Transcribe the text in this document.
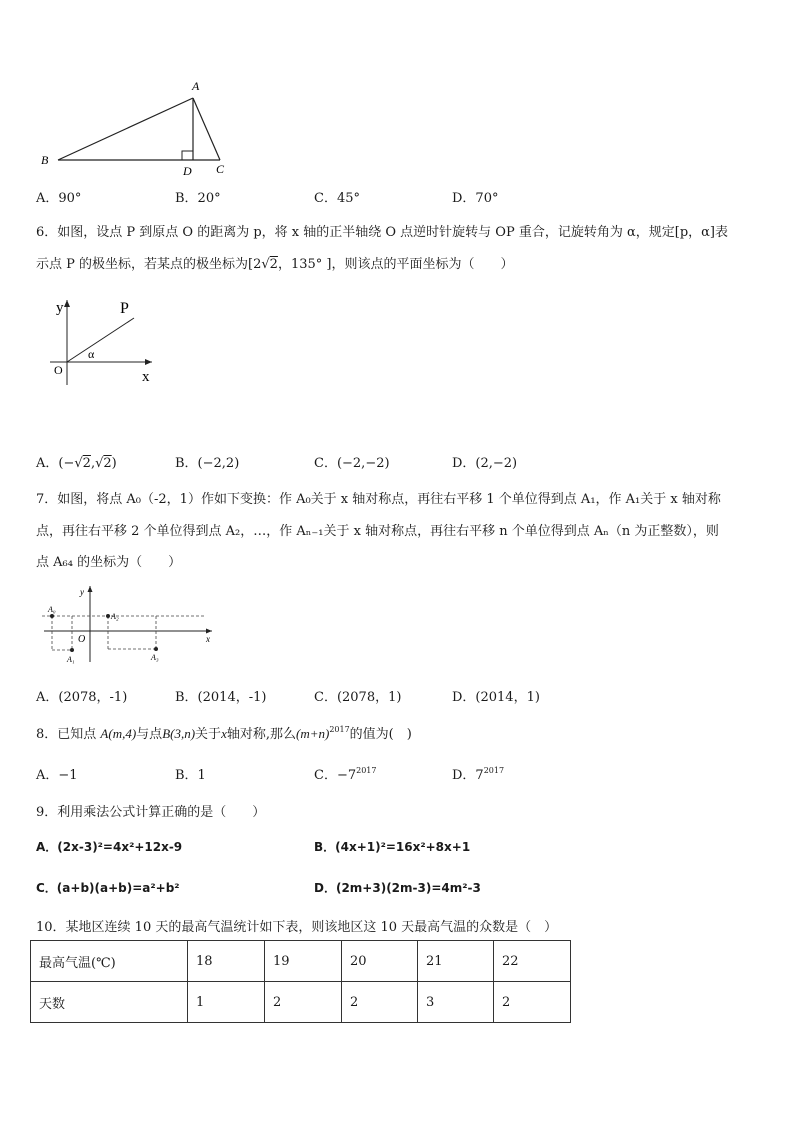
A
B
C
D
A．90°	B．20°	C．45°	D．70°
6．如图，设点 P 到原点 O 的距离为 p，将 x 轴的正半轴绕 O 点逆时针旋转与 OP 重合，记旋转角为 α，规定[p，α]表
示点 P 的极坐标，若某点的极坐标为[2√2，135° ]，则该点的平面坐标为（　　）
y
x
O
P
α
A．(−√2,√2)	B．(−2,2)	C．(−2,−2)	D．(2,−2)
7．如图，将点 A₀（-2，1）作如下变换：作 A₀关于 x 轴对称点，再往右平移 1 个单位得到点 A₁，作 A₁关于 x 轴对称
点，再往右平移 2 个单位得到点 A₂，…，作 Aₙ₋₁关于 x 轴对称点，再往右平移 n 个单位得到点 Aₙ（n 为正整数），则
点 A₆₄ 的坐标为（　　）
y
x
O
A₀
A₁
A₂
A₃
A．(2078，-1)	B．(2014，-1)	C．(2078，1)	D．(2014，1)
8．已知点 A(m,4)与点B(3,n)关于x轴对称,那么$(m+n)^{2017}$的值为(　)
A．−1	B．1	C．$-7^{2017}$	D．$7^{2017}$
9．利用乘法公式计算正确的是（　　）
A．(2x-3)²=4x²+12x-9	B．(4x+1)²=16x²+8x+1
C．(a+b)(a+b)=a²+b²	D．(2m+3)(2m-3)=4m²-3
10．某地区连续 10 天的最高气温统计如下表，则该地区这 10 天最高气温的众数是（　）
最高气温(℃)	18	19	20	21	22
天数	1	2	2	3	2
